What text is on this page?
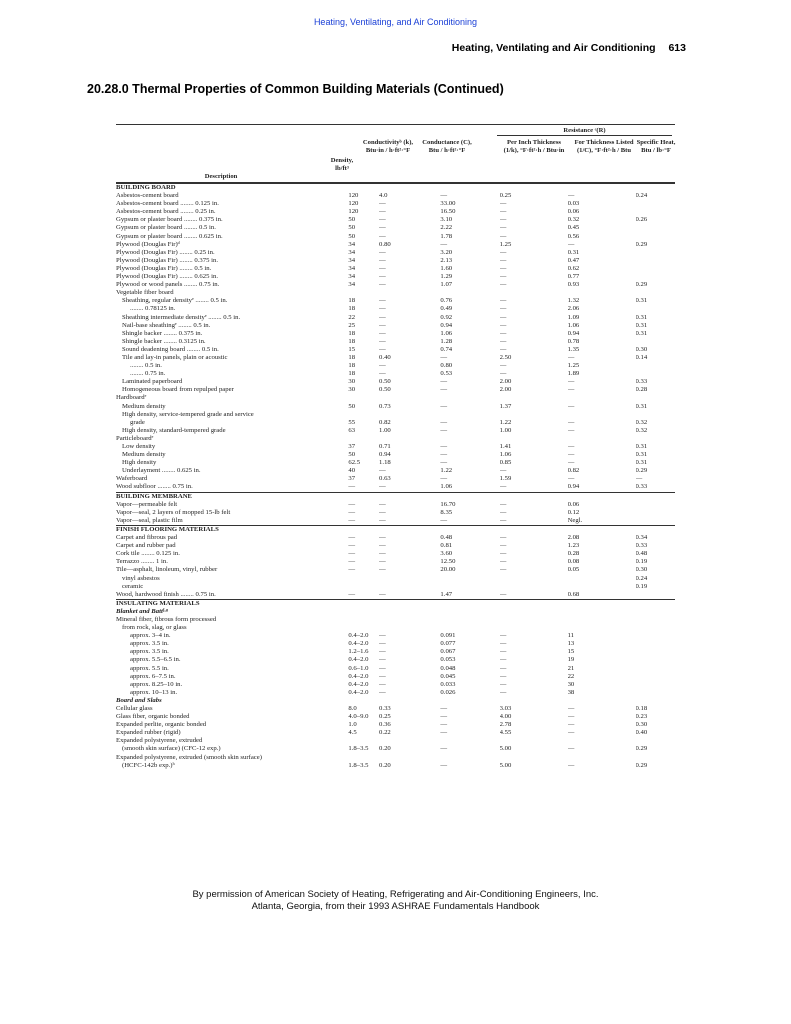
Heating, Ventilating, and Air Conditioning
Heating, Ventilating and Air Conditioning 613
20.28.0 Thermal Properties of Common Building Materials (Continued)
Resistance ᶜ(R)
Description
Density, lb/ft³
Conductivityᵇ (k), Btu·in / h·ft²·°F
Conductance (C), Btu / h·ft²·°F
Per Inch Thickness (1/k), °F·ft²·h / Btu·in
For Thickness Listed (1/C), °F·ft²·h / Btu
Specific Heat, Btu / lb·°F
BUILDING BOARD						
Asbestos-cement board	120	4.0	—	0.25	—	0.24
Asbestos-cement board ........ 0.125 in.	120	—	33.00	—	0.03	
Asbestos-cement board ........ 0.25 in.	120	—	16.50	—	0.06	
Gypsum or plaster board ........ 0.375 in.	50	—	3.10	—	0.32	0.26
Gypsum or plaster board ........ 0.5 in.	50	—	2.22	—	0.45	
Gypsum or plaster board ........ 0.625 in.	50	—	1.78	—	0.56	
Plywood (Douglas Fir)ᵈ	34	0.80	—	1.25	—	0.29
Plywood (Douglas Fir) ........ 0.25 in.	34	—	3.20	—	0.31	
Plywood (Douglas Fir) ........ 0.375 in.	34	—	2.13	—	0.47	
Plywood (Douglas Fir) ........ 0.5 in.	34	—	1.60	—	0.62	
Plywood (Douglas Fir) ........ 0.625 in.	34	—	1.29	—	0.77	
Plywood or wood panels ........ 0.75 in.	34	—	1.07	—	0.93	0.29
Vegetable fiber board						
Sheathing, regular densityᵉ ........ 0.5 in.	18	—	0.76	—	1.32	0.31
........ 0.78125 in.	18	—	0.49	—	2.06	
Sheathing intermediate densityᵉ ........ 0.5 in.	22	—	0.92	—	1.09	0.31
Nail-base sheathingᵉ ........ 0.5 in.	25	—	0.94	—	1.06	0.31
Shingle backer ........ 0.375 in.	18	—	1.06	—	0.94	0.31
Shingle backer ........ 0.3125 in.	18	—	1.28	—	0.78	
Sound deadening board ........ 0.5 in.	15	—	0.74	—	1.35	0.30
Tile and lay-in panels, plain or acoustic	18	0.40	—	2.50	—	0.14
........ 0.5 in.	18	—	0.80	—	1.25	
........ 0.75 in.	18	—	0.53	—	1.89	
Laminated paperboard	30	0.50	—	2.00	—	0.33
Homogeneous board from repulped paper	30	0.50	—	2.00	—	0.28
Hardboardᵉ						
Medium density	50	0.73	—	1.37	—	0.31
High density, service-tempered grade and service						
grade	55	0.82	—	1.22	—	0.32
High density, standard-tempered grade	63	1.00	—	1.00	—	0.32
Particleboardᵉ						
Low density	37	0.71	—	1.41	—	0.31
Medium density	50	0.94	—	1.06	—	0.31
High density	62.5	1.18	—	0.85	—	0.31
Underlayment ........ 0.625 in.	40	—	1.22	—	0.82	0.29
Waferboard	37	0.63	—	1.59	—	—
Wood subfloor ........ 0.75 in.	—	—	1.06	—	0.94	0.33
BUILDING MEMBRANE						
Vapor—permeable felt	—	—	16.70	—	0.06	
Vapor—seal, 2 layers of mopped 15-lb felt	—	—	8.35	—	0.12	
Vapor—seal, plastic film	—	—	—	—	Negl.	
FINISH FLOORING MATERIALS						
Carpet and fibrous pad	—	—	0.48	—	2.08	0.34
Carpet and rubber pad	—	—	0.81	—	1.23	0.33
Cork tile ........ 0.125 in.	—	—	3.60	—	0.28	0.48
Terrazzo ........ 1 in.	—	—	12.50	—	0.08	0.19
Tile—asphalt, linoleum, vinyl, rubber	—	—	20.00	—	0.05	0.30
vinyl asbestos						0.24
ceramic						0.19
Wood, hardwood finish ........ 0.75 in.	—	—	1.47	—	0.68	
INSULATING MATERIALS						
Blanket and Battᶠ·ᵍ						
Mineral fiber, fibrous form processed						
from rock, slag, or glass						
approx. 3–4 in.	0.4–2.0	—	0.091	—	11	
approx. 3.5 in.	0.4–2.0	—	0.077	—	13	
approx. 3.5 in.	1.2–1.6	—	0.067	—	15	
approx. 5.5–6.5 in.	0.4–2.0	—	0.053	—	19	
approx. 5.5 in.	0.6–1.0	—	0.048	—	21	
approx. 6–7.5 in.	0.4–2.0	—	0.045	—	22	
approx. 8.25–10 in.	0.4–2.0	—	0.033	—	30	
approx. 10–13 in.	0.4–2.0	—	0.026	—	38	
Board and Slabs						
Cellular glass	8.0	0.33	—	3.03	—	0.18
Glass fiber, organic bonded	4.0–9.0	0.25	—	4.00	—	0.23
Expanded perlite, organic bonded	1.0	0.36	—	2.78	—	0.30
Expanded rubber (rigid)	4.5	0.22	—	4.55	—	0.40
Expanded polystyrene, extruded						
(smooth skin surface) (CFC-12 exp.)	1.8–3.5	0.20	—	5.00	—	0.29
Expanded polystyrene, extruded (smooth skin surface)						
(HCFC-142b exp.)ʰ	1.8–3.5	0.20	—	5.00	—	0.29
By permission of American Society of Heating, Refrigerating and Air-Conditioning Engineers, Inc.
Atlanta, Georgia, from their 1993 ASHRAE Fundamentals Handbook
